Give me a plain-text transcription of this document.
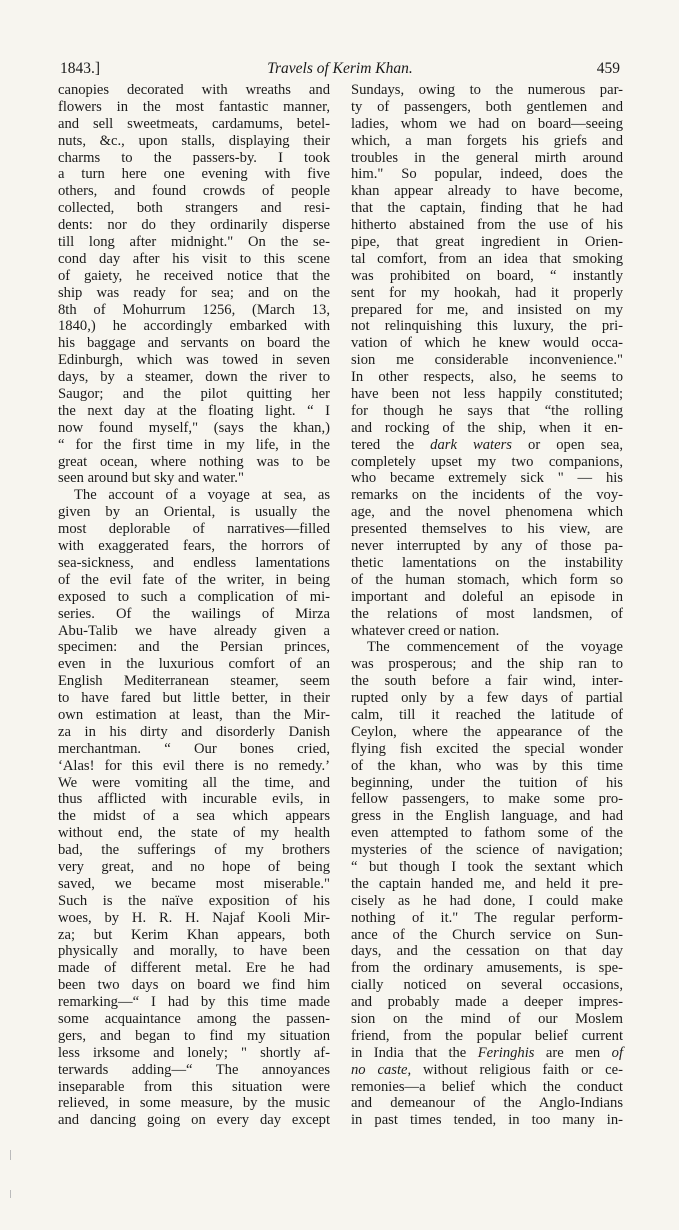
1843.]	Travels of Kerim Khan.	459
canopies decorated with wreaths and
flowers in the most fantastic manner,
and sell sweetmeats, cardamums, betel-
nuts, &c., upon stalls, displaying their
charms to the passers-by. I took
a turn here one evening with five
others, and found crowds of people
collected, both strangers and resi-
dents: nor do they ordinarily disperse
till long after midnight." On the se-
cond day after his visit to this scene
of gaiety, he received notice that the
ship was ready for sea; and on the
8th of Mohurrum 1256, (March 13,
1840,) he accordingly embarked with
his baggage and servants on board the
Edinburgh, which was towed in seven
days, by a steamer, down the river to
Saugor; and the pilot quitting her
the next day at the floating light. “ I
now found myself," (says the khan,)
“ for the first time in my life, in the
great ocean, where nothing was to be
seen around but sky and water."
The account of a voyage at sea, as
given by an Oriental, is usually the
most deplorable of narratives—filled
with exaggerated fears, the horrors of
sea-sickness, and endless lamentations
of the evil fate of the writer, in being
exposed to such a complication of mi-
series. Of the wailings of Mirza
Abu-Talib we have already given a
specimen: and the Persian princes,
even in the luxurious comfort of an
English Mediterranean steamer, seem
to have fared but little better, in their
own estimation at least, than the Mir-
za in his dirty and disorderly Danish
merchantman. “ Our bones cried,
‘Alas! for this evil there is no remedy.’
We were vomiting all the time, and
thus afflicted with incurable evils, in
the midst of a sea which appears
without end, the state of my health
bad, the sufferings of my brothers
very great, and no hope of being
saved, we became most miserable."
Such is the naïve exposition of his
woes, by H. R. H. Najaf Kooli Mir-
za; but Kerim Khan appears, both
physically and morally, to have been
made of different metal. Ere he had
been two days on board we find him
remarking—“ I had by this time made
some acquaintance among the passen-
gers, and began to find my situation
less irksome and lonely; " shortly af-
terwards adding—“ The annoyances
inseparable from this situation were
relieved, in some measure, by the music
and dancing going on every day except
Sundays, owing to the numerous par-
ty of passengers, both gentlemen and
ladies, whom we had on board—seeing
which, a man forgets his griefs and
troubles in the general mirth around
him." So popular, indeed, does the
khan appear already to have become,
that the captain, finding that he had
hitherto abstained from the use of his
pipe, that great ingredient in Orien-
tal comfort, from an idea that smoking
was prohibited on board, “ instantly
sent for my hookah, had it properly
prepared for me, and insisted on my
not relinquishing this luxury, the pri-
vation of which he knew would occa-
sion me considerable inconvenience."
In other respects, also, he seems to
have been not less happily constituted;
for though he says that “the rolling
and rocking of the ship, when it en-
tered the dark waters or open sea,
completely upset my two companions,
who became extremely sick " — his
remarks on the incidents of the voy-
age, and the novel phenomena which
presented themselves to his view, are
never interrupted by any of those pa-
thetic lamentations on the instability
of the human stomach, which form so
important and doleful an episode in
the relations of most landsmen, of
whatever creed or nation.
The commencement of the voyage
was prosperous; and the ship ran to
the south before a fair wind, inter-
rupted only by a few days of partial
calm, till it reached the latitude of
Ceylon, where the appearance of the
flying fish excited the special wonder
of the khan, who was by this time
beginning, under the tuition of his
fellow passengers, to make some pro-
gress in the English language, and had
even attempted to fathom some of the
mysteries of the science of navigation;
“ but though I took the sextant which
the captain handed me, and held it pre-
cisely as he had done, I could make
nothing of it." The regular perform-
ance of the Church service on Sun-
days, and the cessation on that day
from the ordinary amusements, is spe-
cially noticed on several occasions,
and probably made a deeper impres-
sion on the mind of our Moslem
friend, from the popular belief current
in India that the Feringhis are men of
no caste, without religious faith or ce-
remonies—a belief which the conduct
and demeanour of the Anglo-Indians
in past times tended, in too many in-
